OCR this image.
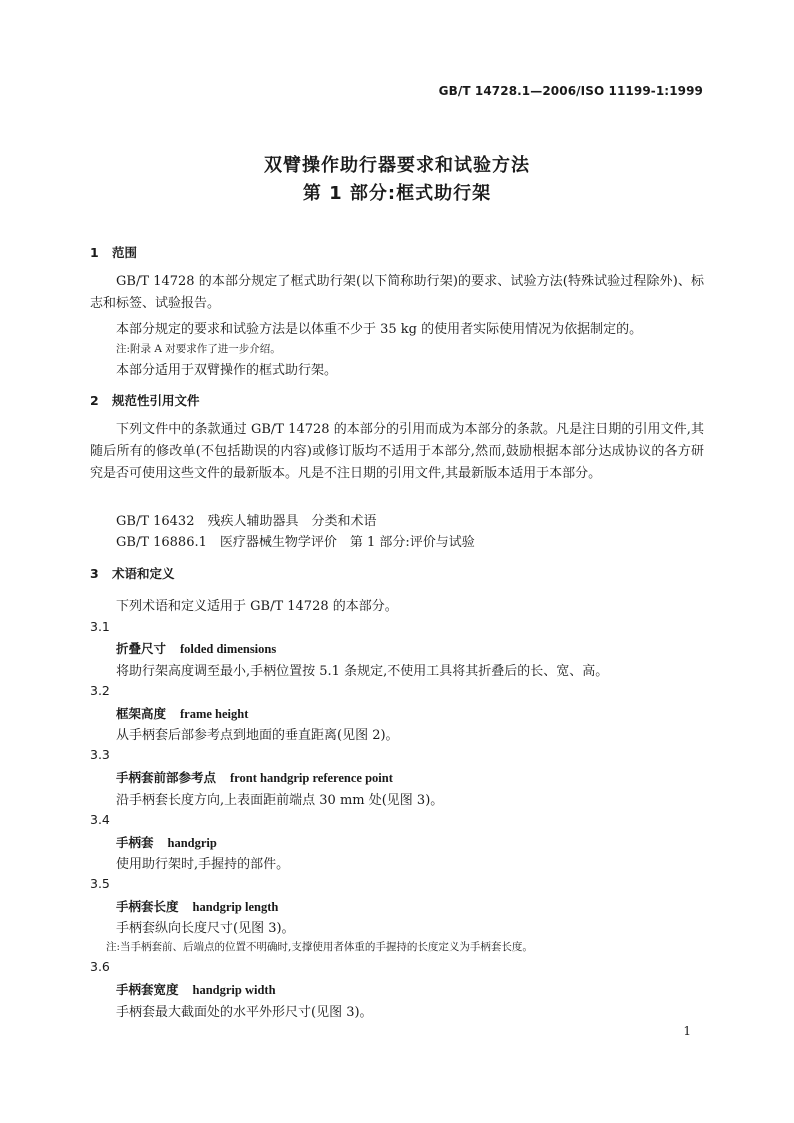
GB/T 14728.1—2006/ISO 11199-1:1999
双臂操作助行器要求和试验方法
第 1 部分:框式助行架
1 范围

GB/T 14728 的本部分规定了框式助行架(以下简称助行架)的要求、试验方法(特殊试验过程除外)、标志和标签、试验报告。

本部分规定的要求和试验方法是以体重不少于 35 kg 的使用者实际使用情况为依据制定的。
注:附录 A 对要求作了进一步介绍。
本部分适用于双臂操作的框式助行架。
2 规范性引用文件

下列文件中的条款通过 GB/T 14728 的本部分的引用而成为本部分的条款。凡是注日期的引用文件,其随后所有的修改单(不包括勘误的内容)或修订版均不适用于本部分,然而,鼓励根据本部分达成协议的各方研究是否可使用这些文件的最新版本。凡是不注日期的引用文件,其最新版本适用于本部分。

GB/T 16432　残疾人辅助器具　分类和术语
GB/T 16886.1　医疗器械生物学评价　第 1 部分:评价与试验
3 术语和定义
下列术语和定义适用于 GB/T 14728 的本部分。
3.1
折叠尺寸 folded dimensions
将助行架高度调至最小,手柄位置按 5.1 条规定,不使用工具将其折叠后的长、宽、高。
3.2
框架高度 frame height
从手柄套后部参考点到地面的垂直距离(见图 2)。
3.3
手柄套前部参考点 front handgrip reference point
沿手柄套长度方向,上表面距前端点 30 mm 处(见图 3)。
3.4
手柄套 handgrip
使用助行架时,手握持的部件。
3.5
手柄套长度 handgrip length
手柄套纵向长度尺寸(见图 3)。
注:当手柄套前、后端点的位置不明确时,支撑使用者体重的手握持的长度定义为手柄套长度。
3.6
手柄套宽度 handgrip width
手柄套最大截面处的水平外形尺寸(见图 3)。
1
